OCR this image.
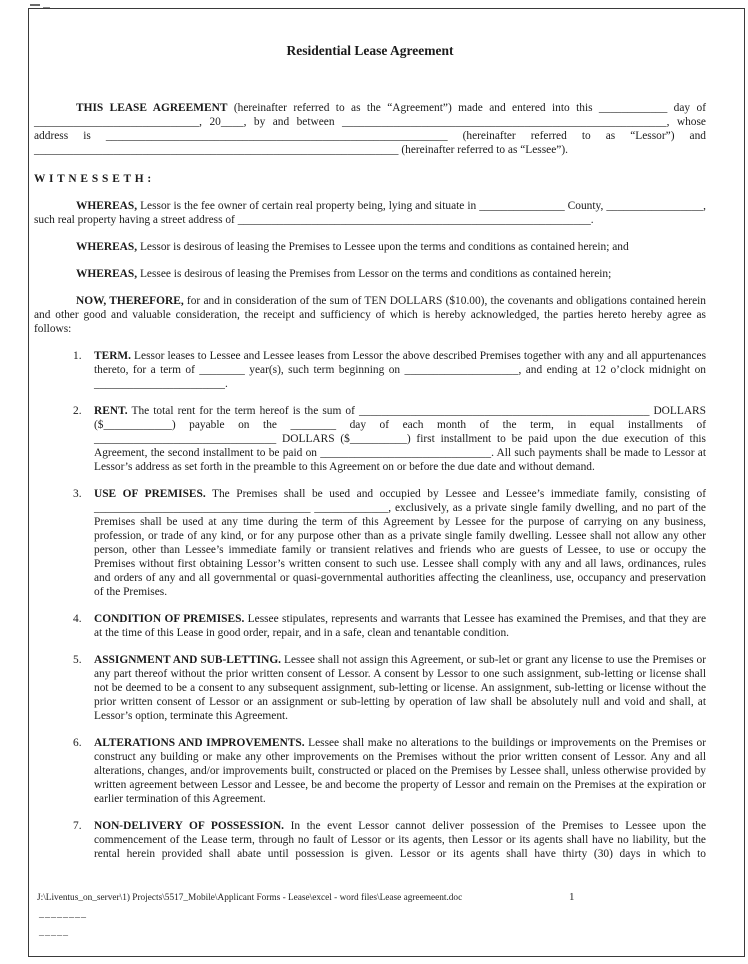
Residential Lease Agreement

THIS LEASE AGREEMENT (hereinafter referred to as the “Agreement”) made and entered into this ____________ day of _____________________________, 20____, by and between _________________________________________________________, whose address is ____________________________________________________________ (hereinafter referred to as “Lessor”) and ________________________________________________________________ (hereinafter referred to as “Lessee”).

W I T N E S S E T H :

WHEREAS, Lessor is the fee owner of certain real property being, lying and situate in _______________ County, _________________, such real property having a street address of ______________________________________________________________.

WHEREAS, Lessor is desirous of leasing the Premises to Lessee upon the terms and conditions as contained herein; and

WHEREAS, Lessee is desirous of leasing the Premises from Lessor on the terms and conditions as contained herein;

NOW, THEREFORE, for and in consideration of the sum of TEN DOLLARS ($10.00), the covenants and obligations contained herein and other good and valuable consideration, the receipt and sufficiency of which is hereby acknowledged, the parties hereto hereby agree as follows:

1. TERM. Lessor leases to Lessee and Lessee leases from Lessor the above described Premises together with any and all appurtenances thereto, for a term of ________ year(s), such term beginning on ____________________, and ending at 12 o’clock midnight on _______________________.

2. RENT. The total rent for the term hereof is the sum of ___________________________________________________ DOLLARS ($____________) payable on the ________ day of each month of the term, in equal installments of ________________________________ DOLLARS ($__________) first installment to be paid upon the due execution of this Agreement, the second installment to be paid on ______________________________. All such payments shall be made to Lessor at Lessor’s address as set forth in the preamble to this Agreement on or before the due date and without demand.

3. USE OF PREMISES. The Premises shall be used and occupied by Lessee and Lessee’s immediate family, consisting of ______________________________________ _____________, exclusively, as a private single family dwelling, and no part of the Premises shall be used at any time during the term of this Agreement by Lessee for the purpose of carrying on any business, profession, or trade of any kind, or for any purpose other than as a private single family dwelling. Lessee shall not allow any other person, other than Lessee’s immediate family or transient relatives and friends who are guests of Lessee, to use or occupy the Premises without first obtaining Lessor’s written consent to such use. Lessee shall comply with any and all laws, ordinances, rules and orders of any and all governmental or quasi-governmental authorities affecting the cleanliness, use, occupancy and preservation of the Premises.

4. CONDITION OF PREMISES. Lessee stipulates, represents and warrants that Lessee has examined the Premises, and that they are at the time of this Lease in good order, repair, and in a safe, clean and tenantable condition.

5. ASSIGNMENT AND SUB-LETTING. Lessee shall not assign this Agreement, or sub-let or grant any license to use the Premises or any part thereof without the prior written consent of Lessor. A consent by Lessor to one such assignment, sub-letting or license shall not be deemed to be a consent to any subsequent assignment, sub-letting or license. An assignment, sub-letting or license without the prior written consent of Lessor or an assignment or sub-letting by operation of law shall be absolutely null and void and shall, at Lessor’s option, terminate this Agreement.

6. ALTERATIONS AND IMPROVEMENTS. Lessee shall make no alterations to the buildings or improvements on the Premises or construct any building or make any other improvements on the Premises without the prior written consent of Lessor. Any and all alterations, changes, and/or improvements built, constructed or placed on the Premises by Lessee shall, unless otherwise provided by written agreement between Lessor and Lessee, be and become the property of Lessor and remain on the Premises at the expiration or earlier termination of this Agreement.

7. NON-DELIVERY OF POSSESSION. In the event Lessor cannot deliver possession of the Premises to Lessee upon the commencement of the Lease term, through no fault of Lessor or its agents, then Lessor or its agents shall have no liability, but the rental herein provided shall abate until possession is given. Lessor or its agents shall have thirty (30) days in which to

J:\Liventus_on_server\1) Projects\5517_Mobile\Applicant Forms - Lease\excel - word files\Lease agreemeent.doc	1
________
_____
